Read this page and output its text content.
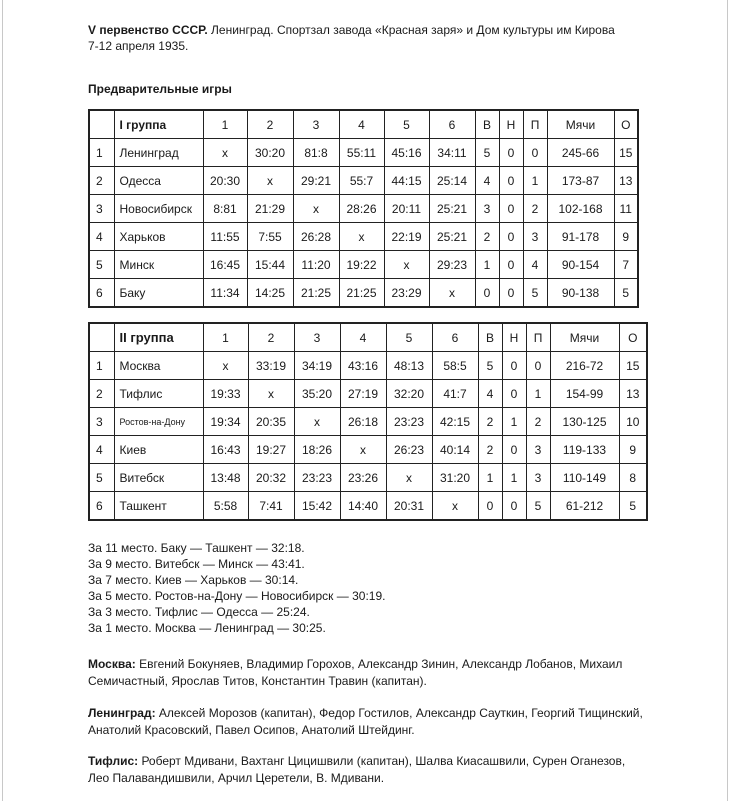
V первенство СССР. Ленинград. Спортзал завода «Красная заря» и Дом культуры им Кирова

7-12 апреля 1935.

Предварительные игры
	I группа	1	2	3	4	5	6	В	Н	П	Мячи	О
1	Ленинград	x	30:20	81:8	55:11	45:16	34:11	5	0	0	245-66	15
2	Одесса	20:30	x	29:21	55:7	44:15	25:14	4	0	1	173-87	13
3	Новосибирск	8:81	21:29	x	28:26	20:11	25:21	3	0	2	102-168	11
4	Харьков	11:55	7:55	26:28	x	22:19	25:21	2	0	3	91-178	9
5	Минск	16:45	15:44	11:20	19:22	x	29:23	1	0	4	90-154	7
6	Баку	11:34	14:25	21:25	21:25	23:29	x	0	0	5	90-138	5
	II группа	1	2	3	4	5	6	В	Н	П	Мячи	О
1	Москва	x	33:19	34:19	43:16	48:13	58:5	5	0	0	216-72	15
2	Тифлис	19:33	x	35:20	27:19	32:20	41:7	4	0	1	154-99	13
3	Ростов-на-Дону	19:34	20:35	x	26:18	23:23	42:15	2	1	2	130-125	10
4	Киев	16:43	19:27	18:26	x	26:23	40:14	2	0	3	119-133	9
5	Витебск	13:48	20:32	23:23	23:26	x	31:20	1	1	3	110-149	8
6	Ташкент	5:58	7:41	15:42	14:40	20:31	x	0	0	5	61-212	5
За 11 место. Баку — Ташкент — 32:18.
За 9 место. Витебск — Минск — 43:41.
За 7 место. Киев — Харьков — 30:14.
За 5 место. Ростов-на-Дону — Новосибирск — 30:19.
За 3 место. Тифлис — Одесса — 25:24.
За 1 место. Москва — Ленинград — 30:25.
Москва: Евгений Бокуняев, Владимир Горохов, Александр Зинин, Александр Лобанов, Михаил Семичастный, Ярослав Титов, Константин Травин (капитан).
Ленинград: Алексей Морозов (капитан), Федор Гостилов, Александр Сауткин, Георгий Тищинский, Анатолий Красовский, Павел Осипов, Анатолий Штейдинг.
Тифлис: Роберт Мдивани, Вахтанг Цицишвили (капитан), Шалва Киасашвили, Сурен Оганезов, Лео Палавандишвили, Арчил Церетели, В. Мдивани.
